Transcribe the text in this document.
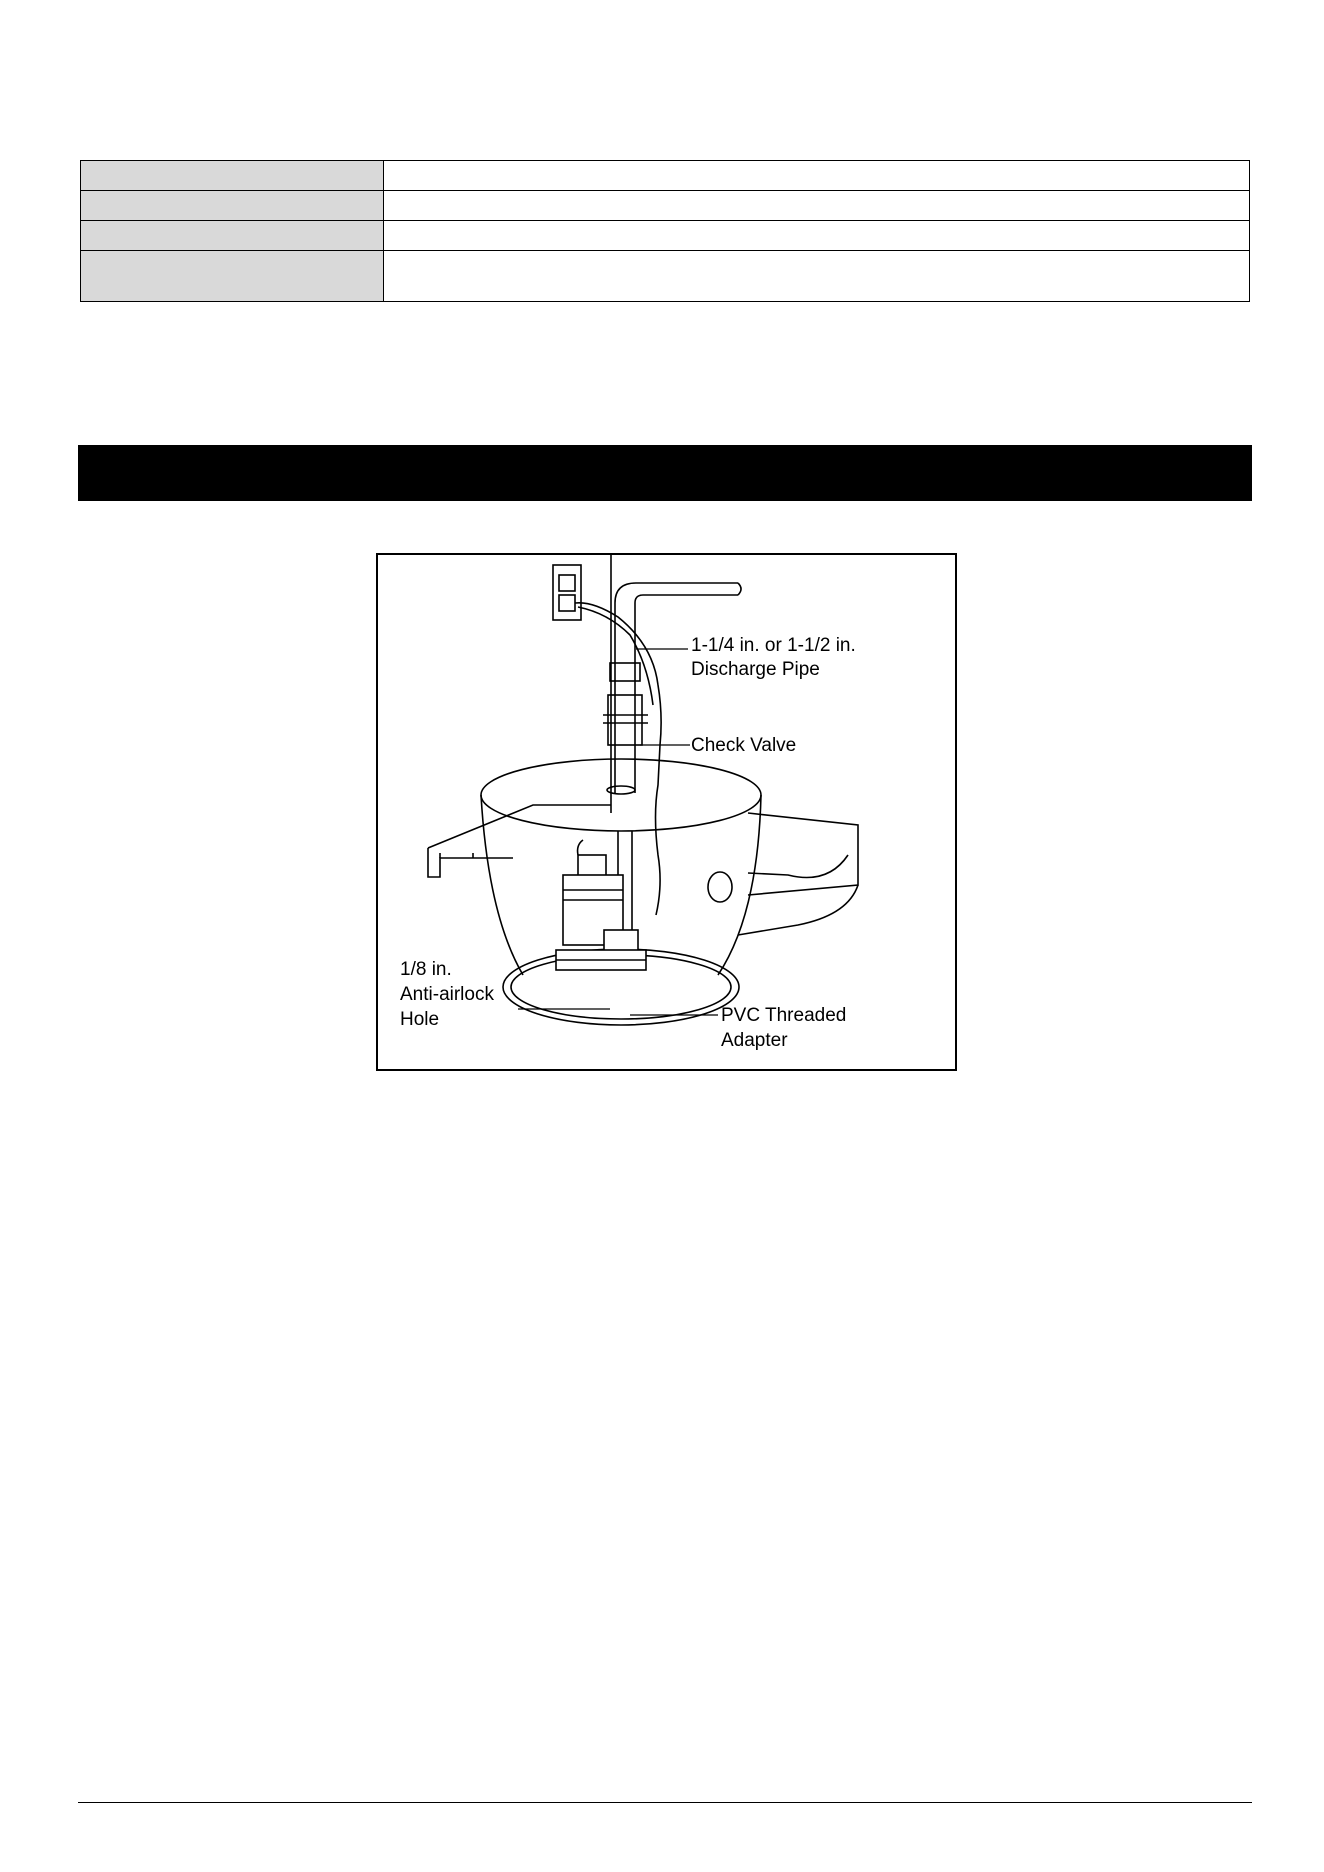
1-1/4 in. or 1-1/2 in.
Discharge Pipe
Check Valve
1/8 in.
Anti-airlock
Hole	PVC Threaded
Adapter
